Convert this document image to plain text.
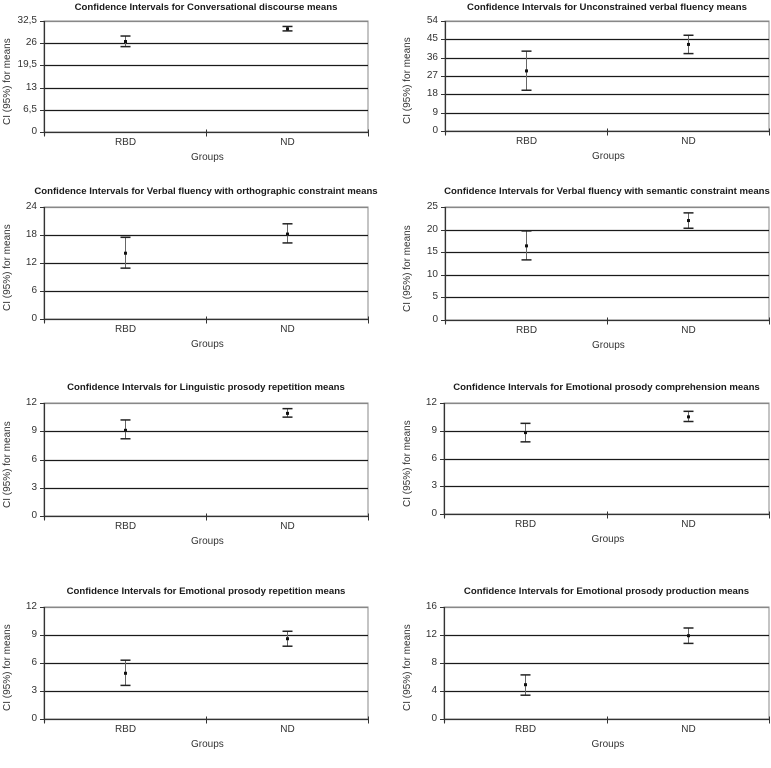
Confidence Intervals for Conversational discourse means
CI (95%) for means
0
6,5
13
19,5
26
32,5
RBD	ND
Groups
Confidence Intervals for Unconstrained verbal fluency means
CI (95%) for means
0
9
18
27
36
45
54
RBD	ND
Groups
Confidence Intervals for Verbal fluency with orthographic constraint means
CI (95%) for means
0
6
12
18
24
RBD	ND
Groups
Confidence Intervals for Verbal fluency with semantic constraint means
CI (95%) for means
0
5
10
15
20
25
RBD	ND
Groups
Confidence Intervals for Linguistic prosody repetition means
CI (95%) for means
0
3
6
9
12
RBD	ND
Groups
Confidence Intervals for Emotional prosody comprehension means
CI (95%) for means
0
3
6
9
12
RBD	ND
Groups
Confidence Intervals for Emotional prosody repetition means
CI (95%) for means
0
3
6
9
12
RBD	ND
Groups
Confidence Intervals for Emotional prosody production means
CI (95%) for means
0
4
8
12
16
RBD	ND
Groups
